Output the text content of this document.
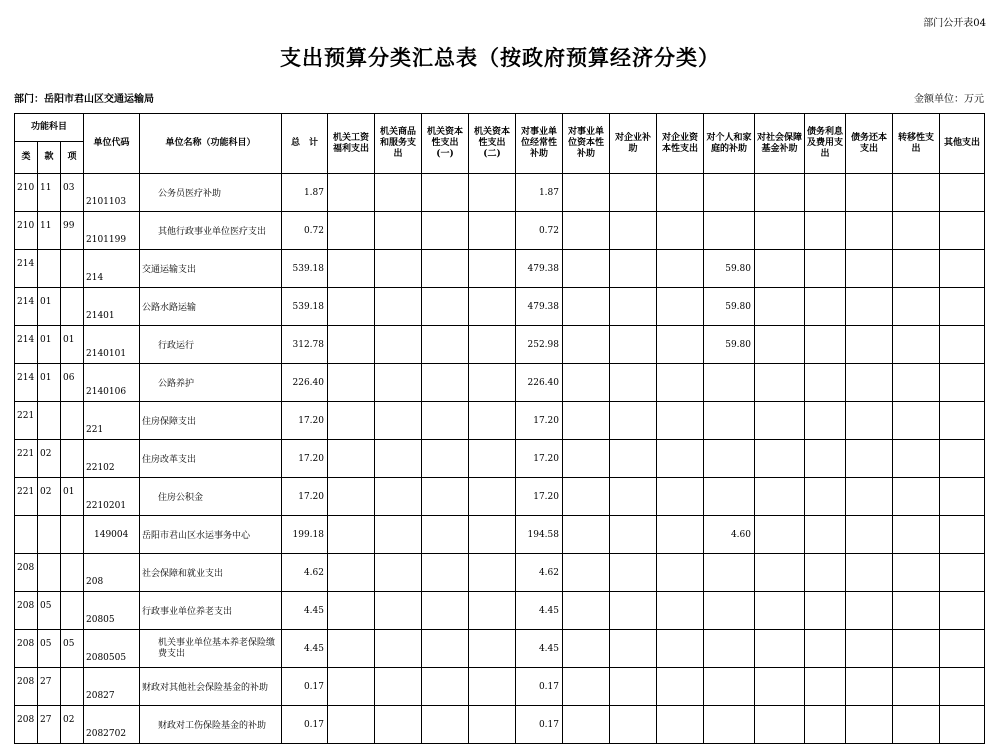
部门公开表04
支出预算分类汇总表（按政府预算经济分类）
部门：岳阳市君山区交通运输局	金额单位：万元
功能科目			单位代码	单位名称（功能科目）	总　计	机关工资福利支出	机关商品和服务支出	机关资本性支出(一)	机关资本性支出(二)	对事业单位经常性补助	对事业单位资本性补助	对企业补助	对企业资本性支出	对个人和家庭的补助	对社会保障基金补助	债务利息及费用支出	债务还本支出	转移性支出	其他支出
类	款	项																	
210	11	03	2101103	公务员医疗补助	1.87					1.87									
210	11	99	2101199	其他行政事业单位医疗支出	0.72					0.72									
214			214	交通运输支出	539.18					479.38				59.80					
214	01		21401	公路水路运输	539.18					479.38				59.80					
214	01	01	2140101	行政运行	312.78					252.98				59.80					
214	01	06	2140106	公路养护	226.40					226.40									
221			221	住房保障支出	17.20					17.20									
221	02		22102	住房改革支出	17.20					17.20									
221	02	01	2210201	住房公积金	17.20					17.20									
			149004	岳阳市君山区水运事务中心	199.18					194.58				4.60					
208			208	社会保障和就业支出	4.62					4.62									
208	05		20805	行政事业单位养老支出	4.45					4.45									
208	05	05	2080505	机关事业单位基本养老保险缴费支出	4.45					4.45									
208	27		20827	财政对其他社会保险基金的补助	0.17					0.17									
208	27	02	2082702	财政对工伤保险基金的补助	0.17					0.17									
